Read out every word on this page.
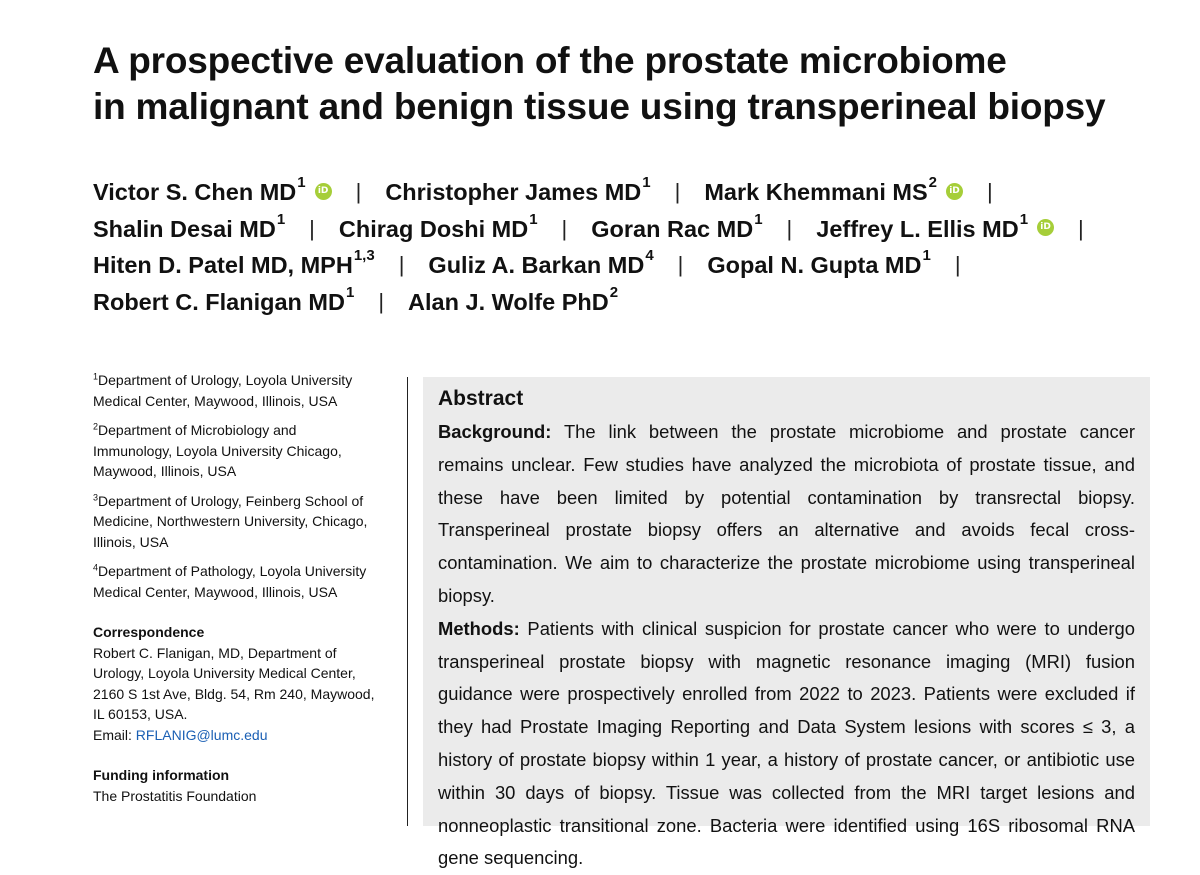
A prospective evaluation of the prostate microbiome
in malignant and benign tissue using transperineal biopsy
Victor S. Chen $MD^1$	iD | Christopher James $MD^1$ | Mark Khemmani $MS^2$	iD |
Shalin Desai $MD^1$ | Chirag Doshi $MD^1$ | Goran Rac $MD^1$ | Jeffrey L. Ellis $MD^1$	iD |
Hiten D. Patel MD, MPH$^{1,3}$ | Guliz A. Barkan $MD^4$ | Gopal N. Gupta $MD^1$ |
Robert C. Flanigan $MD^1$ | Alan J. Wolfe PhD$^2$
$^1$Department of Urology, Loyola University
Medical Center, Maywood, Illinois, USA
$^2$Department of Microbiology and
Immunology, Loyola University Chicago,
Maywood, Illinois, USA
$^3$Department of Urology, Feinberg School of
Medicine, Northwestern University, Chicago,
Illinois, USA
$^4$Department of Pathology, Loyola University
Medical Center, Maywood, Illinois, USA
Correspondence
Robert C. Flanigan, MD, Department of
Urology, Loyola University Medical Center,
2160 S 1st Ave, Bldg. 54, Rm 240, Maywood,
IL 60153, USA.
Email: RFLANIG@lumc.edu
Funding information
The Prostatitis Foundation
Abstract

Background: The link between the prostate microbiome and prostate cancer remains unclear. Few studies have analyzed the microbiota of prostate tissue, and these have been limited by potential contamination by transrectal biopsy. Transperineal prostate biopsy offers an alternative and avoids fecal cross-contamination. We aim to characterize the prostate microbiome using transperineal biopsy.

Methods: Patients with clinical suspicion for prostate cancer who were to undergo transperineal prostate biopsy with magnetic resonance imaging (MRI) fusion guidance were prospectively enrolled from 2022 to 2023. Patients were excluded if they had Prostate Imaging Reporting and Data System lesions with scores ≤ 3, a history of prostate biopsy within 1 year, a history of prostate cancer, or antibiotic use within 30 days of biopsy. Tissue was collected from the MRI target lesions and nonneoplastic transitional zone. Bacteria were identified using 16S ribosomal RNA gene sequencing.
